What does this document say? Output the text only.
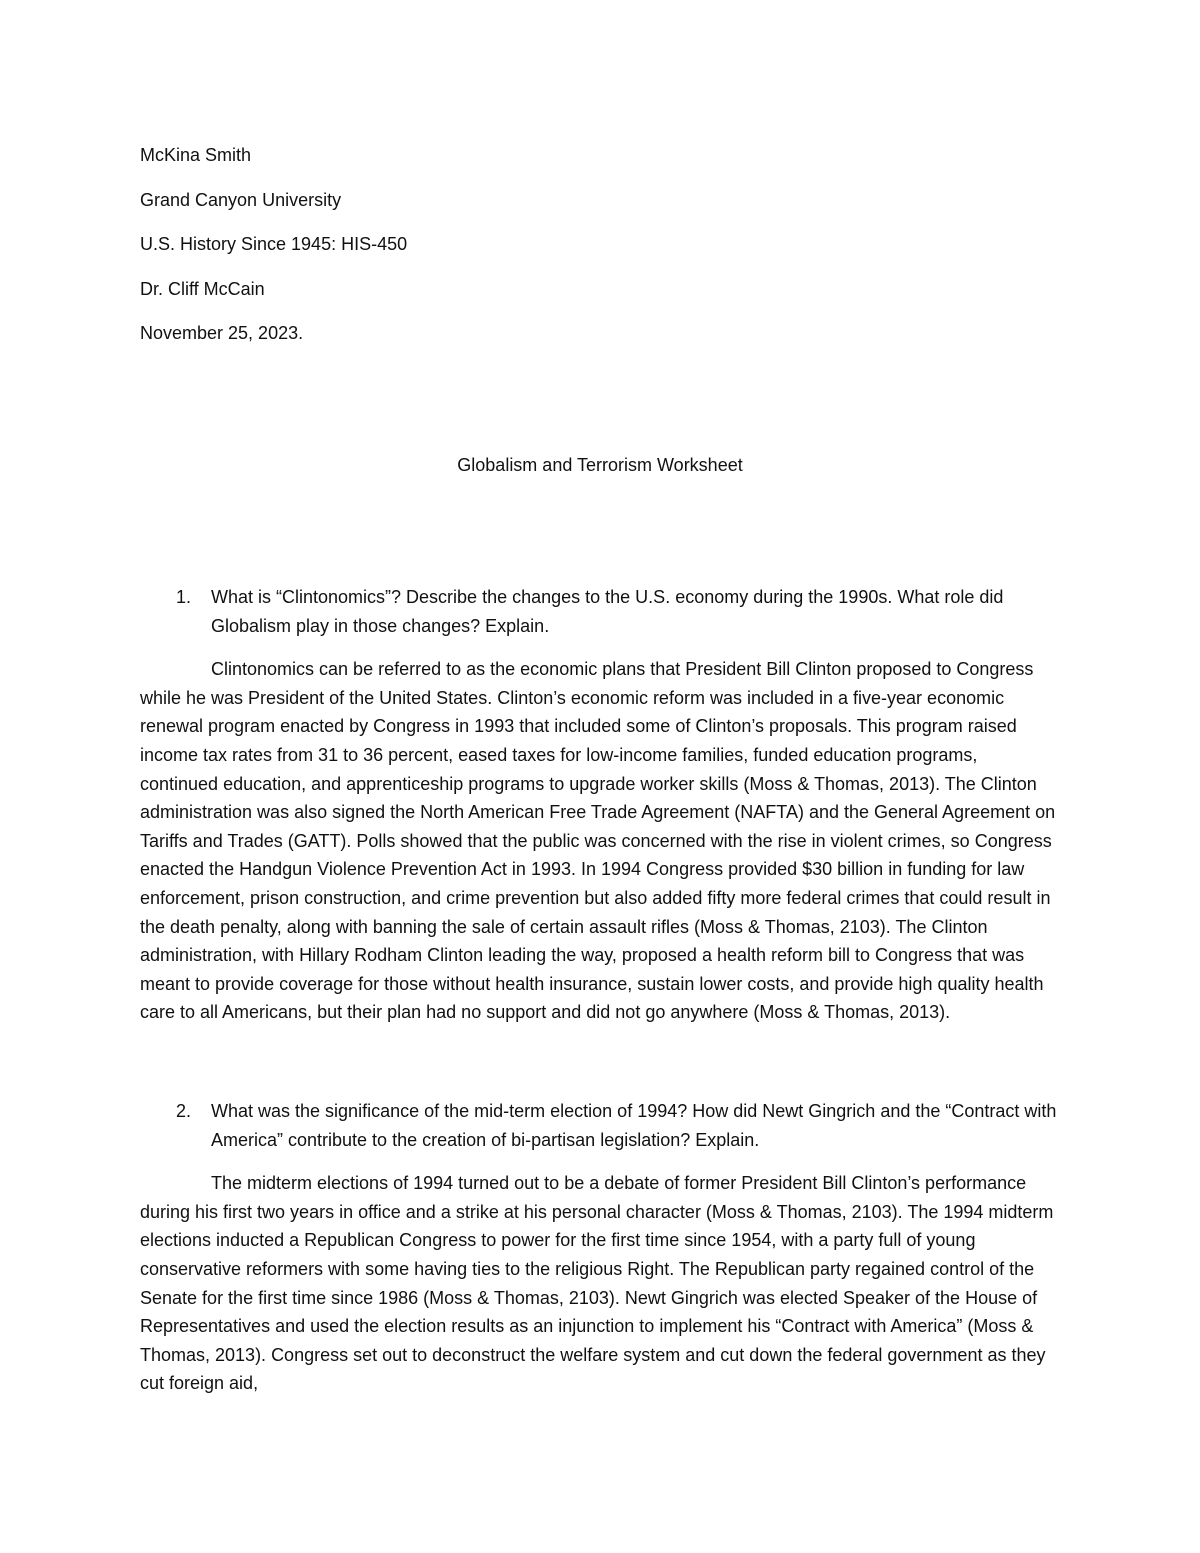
McKina Smith
Grand Canyon University
U.S. History Since 1945: HIS-450
Dr. Cliff McCain
November 25, 2023.
Globalism and Terrorism Worksheet
1. What is “Clintonomics”? Describe the changes to the U.S. economy during the 1990s. What role did Globalism play in those changes? Explain.
Clintonomics can be referred to as the economic plans that President Bill Clinton proposed to Congress while he was President of the United States. Clinton’s economic reform was included in a five-year economic renewal program enacted by Congress in 1993 that included some of Clinton’s proposals. This program raised income tax rates from 31 to 36 percent, eased taxes for low-income families, funded education programs, continued education, and apprenticeship programs to upgrade worker skills (Moss & Thomas, 2013). The Clinton administration was also signed the North American Free Trade Agreement (NAFTA) and the General Agreement on Tariffs and Trades (GATT). Polls showed that the public was concerned with the rise in violent crimes, so Congress enacted the Handgun Violence Prevention Act in 1993. In 1994 Congress provided $30 billion in funding for law enforcement, prison construction, and crime prevention but also added fifty more federal crimes that could result in the death penalty, along with banning the sale of certain assault rifles (Moss & Thomas, 2103). The Clinton administration, with Hillary Rodham Clinton leading the way, proposed a health reform bill to Congress that was meant to provide coverage for those without health insurance, sustain lower costs, and provide high quality health care to all Americans, but their plan had no support and did not go anywhere (Moss & Thomas, 2013).
2. What was the significance of the mid-term election of 1994? How did Newt Gingrich and the “Contract with America” contribute to the creation of bi-partisan legislation? Explain.
The midterm elections of 1994 turned out to be a debate of former President Bill Clinton’s performance during his first two years in office and a strike at his personal character (Moss & Thomas, 2103). The 1994 midterm elections inducted a Republican Congress to power for the first time since 1954, with a party full of young conservative reformers with some having ties to the religious Right. The Republican party regained control of the Senate for the first time since 1986 (Moss & Thomas, 2103). Newt Gingrich was elected Speaker of the House of Representatives and used the election results as an injunction to implement his “Contract with America” (Moss & Thomas, 2013). Congress set out to deconstruct the welfare system and cut down the federal government as they cut foreign aid,
